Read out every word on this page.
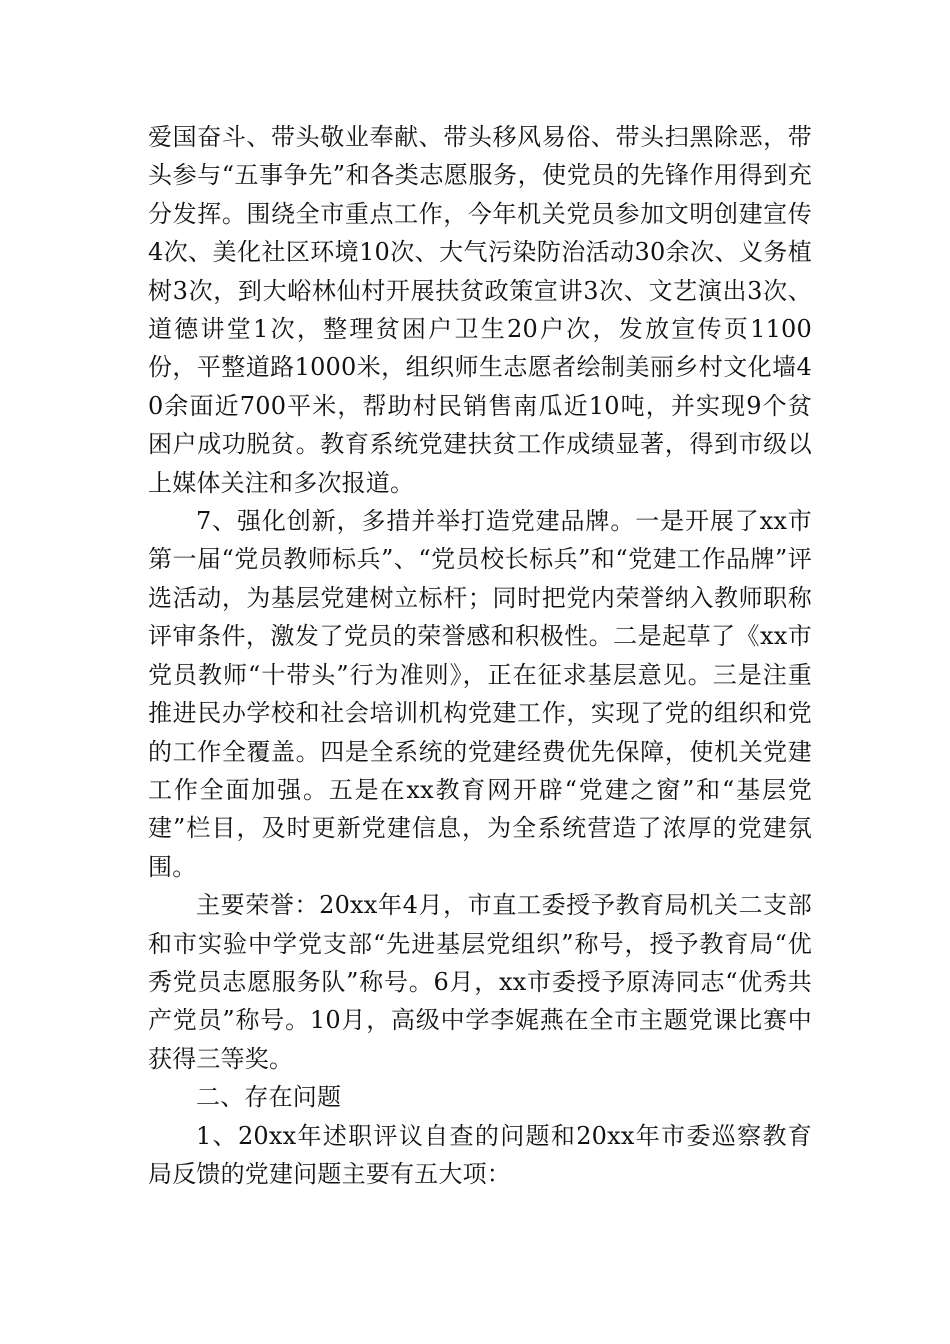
爱国奋斗、带头敬业奉献、带头移风易俗、带头扫黑除恶，带头参与“五事争先”和各类志愿服务，使党员的先锋作用得到充分发挥。围绕全市重点工作，今年机关党员参加文明创建宣传4次、美化社区环境10次、大气污染防治活动30余次、义务植树3次，到大峪林仙村开展扶贫政策宣讲3次、文艺演出3次、道德讲堂1次，整理贫困户卫生20户次，发放宣传页1100份，平整道路1000米，组织师生志愿者绘制美丽乡村文化墙40余面近700平米，帮助村民销售南瓜近10吨，并实现9个贫困户成功脱贫。教育系统党建扶贫工作成绩显著，得到市级以上媒体关注和多次报道。

7、强化创新，多措并举打造党建品牌。一是开展了xx市第一届“党员教师标兵”、“党员校长标兵”和“党建工作品牌”评选活动，为基层党建树立标杆；同时把党内荣誉纳入教师职称评审条件，激发了党员的荣誉感和积极性。二是起草了《xx市党员教师“十带头”行为准则》，正在征求基层意见。三是注重推进民办学校和社会培训机构党建工作，实现了党的组织和党的工作全覆盖。四是全系统的党建经费优先保障，使机关党建工作全面加强。五是在xx教育网开辟“党建之窗”和“基层党建”栏目，及时更新党建信息，为全系统营造了浓厚的党建氛围。

主要荣誉：20xx年4月，市直工委授予教育局机关二支部和市实验中学党支部“先进基层党组织”称号，授予教育局“优秀党员志愿服务队”称号。6月，xx市委授予原涛同志“优秀共产党员”称号。10月，高级中学李娓燕在全市主题党课比赛中获得三等奖。

二、存在问题

1、20xx年述职评议自查的问题和20xx年市委巡察教育局反馈的党建问题主要有五大项：
